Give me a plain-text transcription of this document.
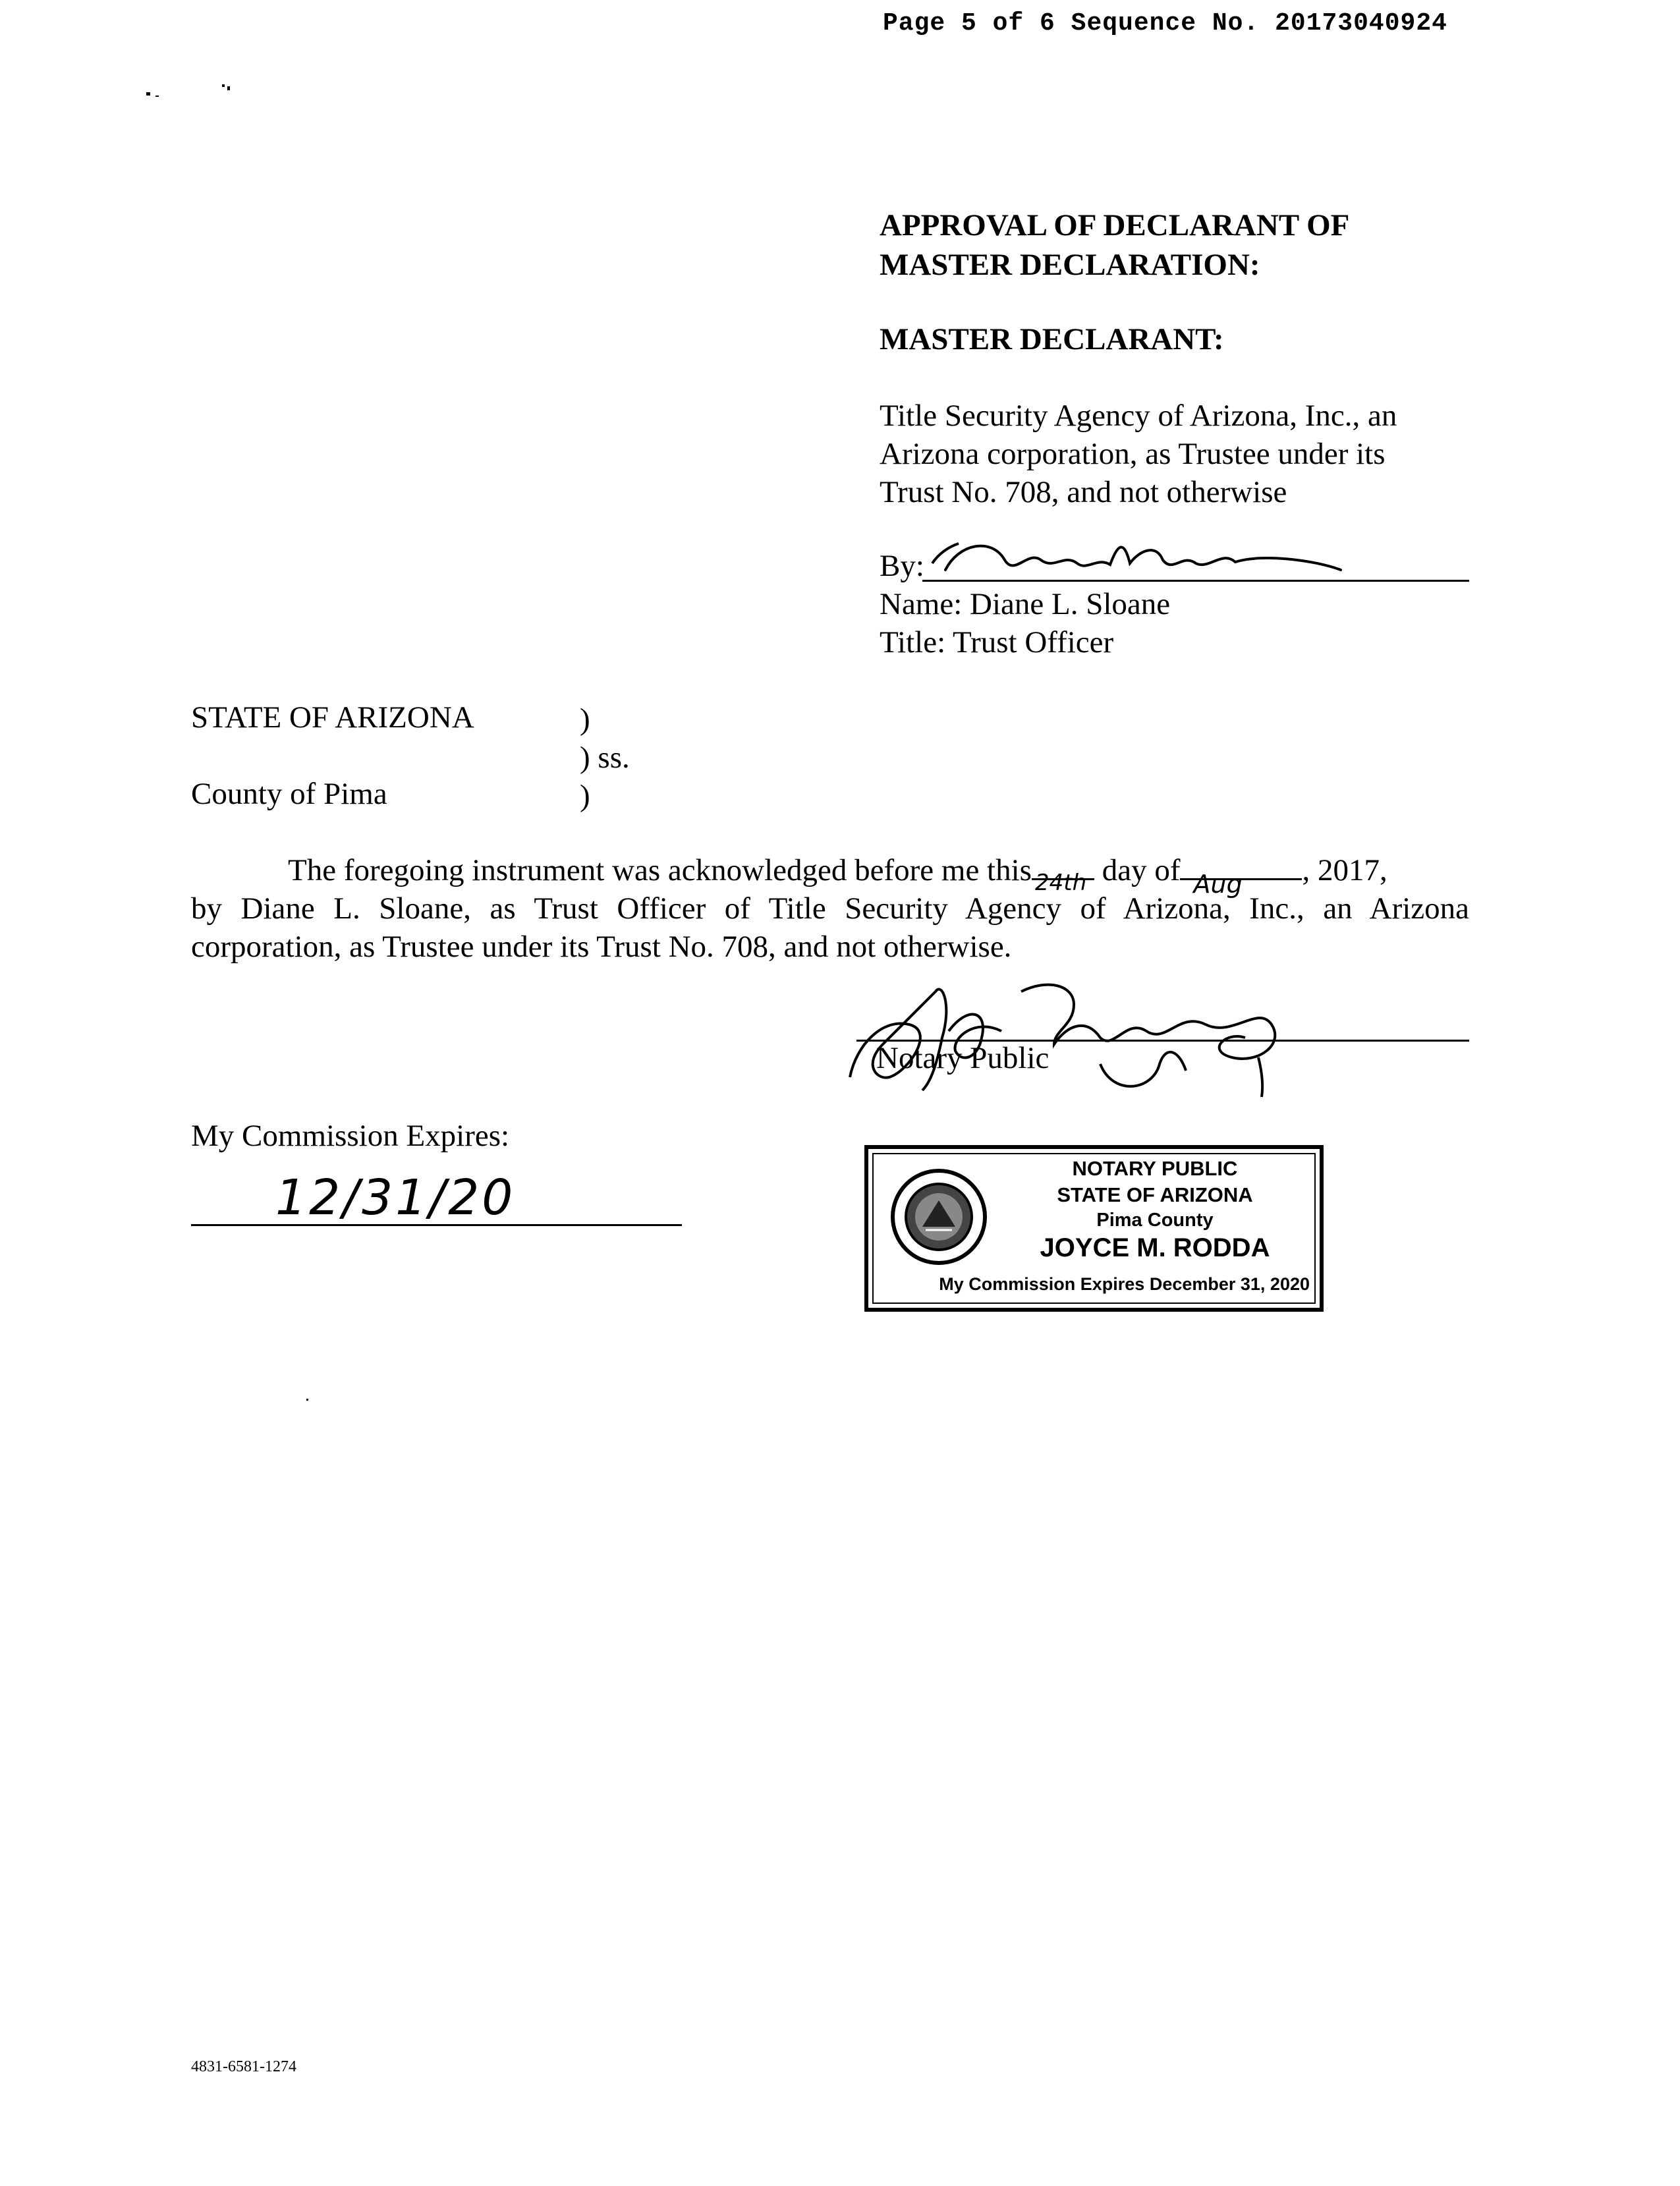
Page 5 of 6 Sequence No. 20173040924
APPROVAL OF DECLARANT OF
MASTER DECLARATION:
MASTER DECLARANT:
Title Security Agency of Arizona, Inc., an
Arizona corporation, as Trustee under its
Trust No. 708, and not otherwise
By:
Name: Diane L. Sloane
Title: Trust Officer
STATE OF ARIZONA	)
) ss.
County of Pima	)
The foregoing instrument was acknowledged before me this 24th day of Aug , 2017,
by Diane L. Sloane, as Trust Officer of Title Security Agency of Arizona, Inc., an Arizona
corporation, as Trustee under its Trust No. 708, and not otherwise.
Notary Public
My Commission Expires:
12/31/20
NOTARY PUBLIC
STATE OF ARIZONA
Pima County
JOYCE M. RODDA
My Commission Expires December 31, 2020
4831-6581-1274
